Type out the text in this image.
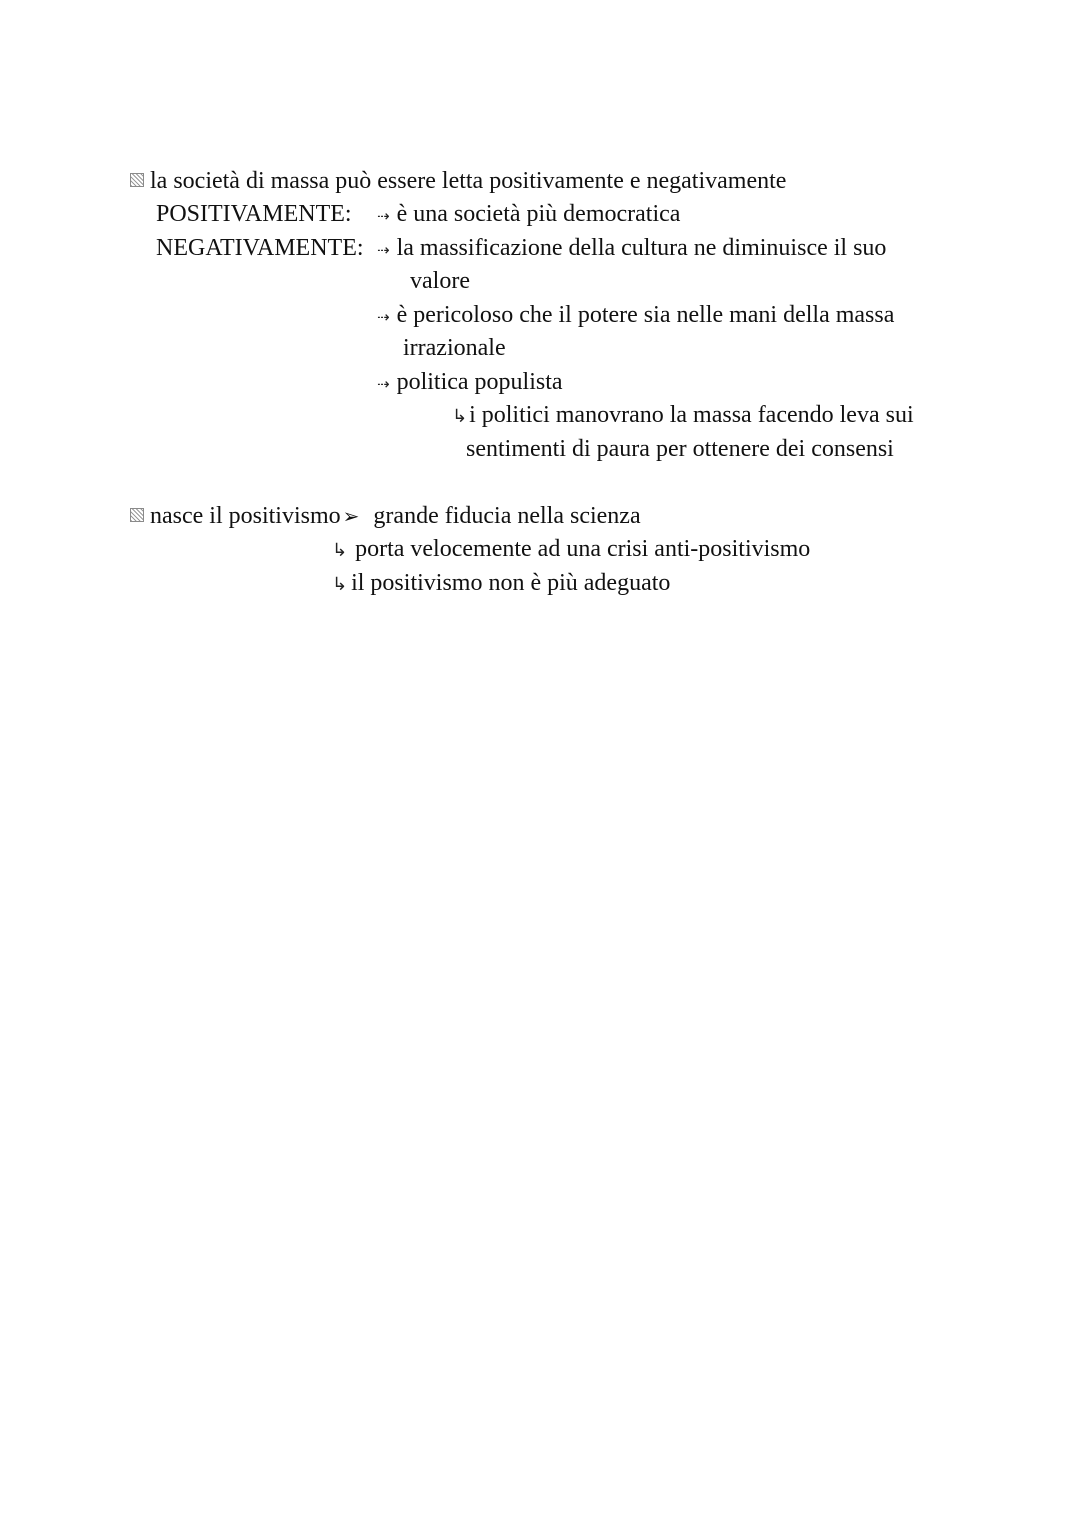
la società di massa può essere letta positivamente e negativamente
POSITIVAMENTE: ⇢ è una società più democratica
NEGATIVAMENTE: ⇢ la massificazione della cultura ne diminuisce il suo
valore
⇢ è pericoloso che il potere sia nelle mani della massa
irrazionale
⇢ politica populista
↳i politici manovrano la massa facendo leva sui
sentimenti di paura per ottenere dei consensi
nasce il positivismo ➢ grande fiducia nella scienza
↳ porta velocemente ad una crisi anti-positivismo
↳ il positivismo non è più adeguato
